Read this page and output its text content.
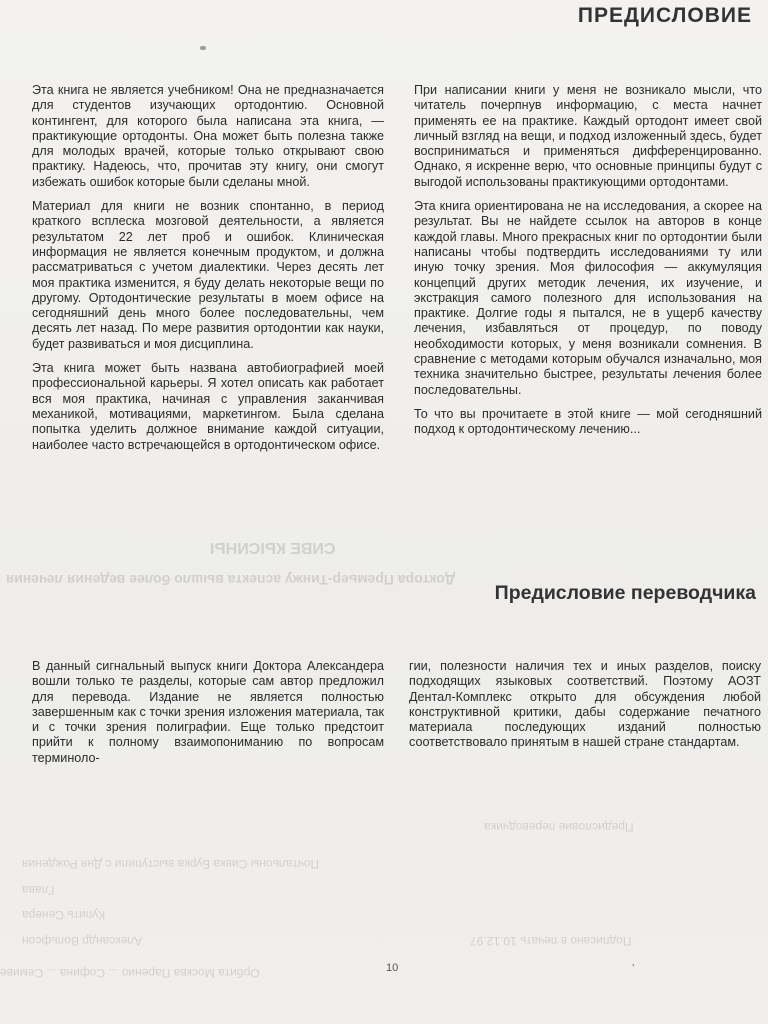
ПРЕДИСЛОВИЕ

Эта книга не является учебником! Она не предназначается для студентов изучающих ортодонтию. Основной контингент, для которого была написана эта книга, — практикующие ортодонты. Она может быть полезна также для молодых врачей, которые только открывают свою практику. Надеюсь, что, прочитав эту книгу, они смогут избежать ошибок которые были сделаны мной.

Материал для книги не возник спонтанно, в период краткого всплеска мозговой деятельности, а является результатом 22 лет проб и ошибок. Клиническая информация не является конечным продуктом, и должна рассматриваться с учетом диалектики. Через десять лет моя практика изменится, я буду делать некоторые вещи по другому. Ортодонтические результаты в моем офисе на сегодняшний день много более последовательны, чем десять лет назад. По мере развития ортодонтии как науки, будет развиваться и моя дисциплина.

Эта книга может быть названа автобиографией моей профессиональной карьеры. Я хотел описать как работает вся моя практика, начиная с управления заканчивая механикой, мотивациями, маркетингом. Была сделана попытка уделить должное внимание каждой ситуации, наиболее часто встречающейся в ортодонтическом офисе.

При написании книги у меня не возникало мысли, что читатель почерпнув информацию, с места начнет применять ее на практике. Каждый ортодонт имеет свой личный взгляд на вещи, и подход изложенный здесь, будет восприниматься и применяться дифференцированно. Однако, я искренне верю, что основные принципы будут с выгодой использованы практикующими ортодонтами.

Эта книга ориентирована не на исследования, а скорее на результат. Вы не найдете ссылок на авторов в конце каждой главы. Много прекрасных книг по ортодонтии были написаны чтобы подтвердить исследованиями ту или иную точку зрения. Моя философия — аккумуляция концепций других методик лечения, их изучение, и экстракция самого полезного для использования на практике. Долгие годы я пытался, не в ущерб качеству лечения, избавляться от процедур, по поводу необходимости которых, у меня возникали сомнения. В сравнение с методами которым обучался изначально, моя техника значительно быстрее, результаты лечения более последовательны.

То что вы прочитаете в этой книге — мой сегодняшний подход к ортодонтическому лечению...

СИВЕ КЫСИНЫ
Доктора Премьер-Тинжу аспекта вышло более ведения лечения
Предисловие переводчика

В данный сигнальный выпуск книги Доктора Александера вошли только те разделы, которые сам автор предложил для перевода. Издание не является полностью завершенным как с точки зрения изложения материала, так и с точки зрения полиграфии. Еще только предстоит прийти к полному взаимопониманию по вопросам терминоло-

гии, полезности наличия тех и иных разделов, поиску подходящих языковых соответствий. Поэтому АОЗТ Дентал-Комплекс открыто для обсуждения любой конструктивной критики, дабы содержание печатного материала последующих изданий полностью соответствовало принятым в нашей стране стандартам.

Предисловие переводчика
Почтальоны Сивка Бурка выступили с Дня Рождения
Глава
Купить Сенера
Александр Вольфсон	Подписано в печать 10.12.97
Орбита Москва Паренио ... Софина ... Семиве	10	ʼ
